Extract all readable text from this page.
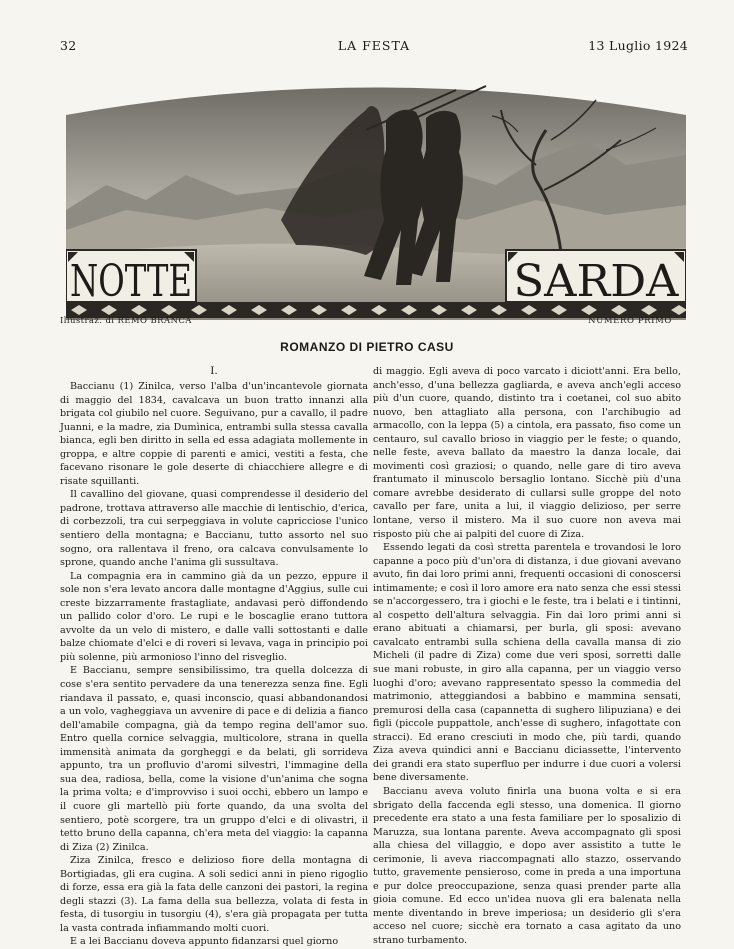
32	LA FESTA	13 Luglio 1924
NOTTE	SARDA
Illustraz. di REMO BRANCA	NUMERO PRIMO
ROMANZO DI PIETRO CASU
I.

Baccianu (1) Zinilca, verso l'alba d'un'incantevole giornata di maggio del 1834, cavalcava un buon tratto innanzi alla brigata col giubilo nel cuore. Seguivano, pur a cavallo, il padre Juanni, e la madre, zia Dumìnica, entrambi sulla stessa cavalla bianca, egli ben diritto in sella ed essa adagiata mollemente in groppa, e altre coppie di parenti e amici, vestiti a festa, che facevano risonare le gole deserte di chiacchiere allegre e di risate squillanti.

Il cavallino del giovane, quasi comprendesse il desiderio del padrone, trottava attraverso alle macchie di lentischio, d'erica, di corbezzoli, tra cui serpeggiava in volute capricciose l'unico sentiero della montagna; e Baccianu, tutto assorto nel suo sogno, ora rallentava il freno, ora calcava convulsamente lo sprone, quando anche l'anima gli sussultava.

La compagnia era in cammino già da un pezzo, eppure il sole non s'era levato ancora dalle montagne d'Aggius, sulle cui creste bizzarramente frastagliate, andavasi però diffondendo un pallido color d'oro. Le rupi e le boscaglie erano tuttora avvolte da un velo di mistero, e dalle valli sottostanti e dalle balze chiomate d'elci e di roveri si levava, vaga in principio poi più solenne, più armonioso l'inno del risveglio.

E Baccianu, sempre sensibilissimo, tra quella dolcezza di cose s'era sentito pervadere da una tenerezza senza fine. Egli riandava il passato, e, quasi inconscio, quasi abbandonandosi a un volo, vagheggiava un avvenire di pace e di delizia a fianco dell'amabile compagna, già da tempo regina dell'amor suo. Entro quella cornice selvaggia, multicolore, strana in quella immensità animata da gorgheggi e da belati, gli sorrideva appunto, tra un profluvio d'aromi silvestri, l'immagine della sua dea, radiosa, bella, come la visione d'un'anima che sogna la prima volta; e d'improvviso i suoi occhi, ebbero un lampo e il cuore gli martellò più forte quando, da una svolta del sentiero, potè scorgere, tra un gruppo d'elci e di olivastri, il tetto bruno della capanna, ch'era meta del viaggio: la capanna di Ziza (2) Zinilca.

Ziza Zinilca, fresco e delizioso fiore della montagna di Bortigiadas, gli era cugina. A soli sedici anni in pieno rigoglio di forze, essa era già la fata delle canzoni dei pastori, la regina degli stazzi (3). La fama della sua bellezza, volata di festa in festa, di tusorgiu in tusorgiu (4), s'era già propagata per tutta la vasta contrada infiammando molti cuori.

E a lei Baccianu doveva appunto fidanzarsi quel giorno

di maggio. Egli aveva di poco varcato i diciott'anni. Era bello, anch'esso, d'una bellezza gagliarda, e aveva anch'egli acceso più d'un cuore, quando, distinto tra i coetanei, col suo abito nuovo, ben attagliato alla persona, con l'archibugio ad armacollo, con la leppa (5) a cintola, era passato, fiso come un centauro, sul cavallo brioso in viaggio per le feste; o quando, nelle feste, aveva ballato da maestro la danza locale, dai movimenti così graziosi; o quando, nelle gare di tiro aveva frantumato il minuscolo bersaglio lontano. Sicchè più d'una comare avrebbe desiderato di cullarsi sulle groppe del noto cavallo per fare, unita a lui, il viaggio delizioso, per serre lontane, verso il mistero. Ma il suo cuore non aveva mai risposto più che ai palpiti del cuore di Ziza.

Essendo legati da così stretta parentela e trovandosi le loro capanne a poco più d'un'ora di distanza, i due giovani avevano avuto, fin dai loro primi anni, frequenti occasioni di conoscersi intimamente; e così il loro amore era nato senza che essi stessi se n'accorgessero, tra i giochi e le feste, tra i belati e i tintinni, al cospetto dell'altura selvaggia. Fin dai loro primi anni si erano abituati a chiamarsi, per burla, gli sposi: avevano cavalcato entrambi sulla schiena della cavalla mansa di zio Micheli (il padre di Ziza) come due veri sposi, sorretti dalle sue mani robuste, in giro alla capanna, per un viaggio verso luoghi d'oro; avevano rappresentato spesso la commedia del matrimonio, atteggiandosi a babbino e mammina sensati, premurosi della casa (capannetta di sughero lilipuziana) e dei figli (piccole puppattole, anch'esse di sughero, infagottate con stracci). Ed erano cresciuti in modo che, più tardi, quando Ziza aveva quindici anni e Baccianu diciassette, l'intervento dei grandi era stato superfluo per indurre i due cuori a volersi bene diversamente.

Baccianu aveva voluto finirla una buona volta e si era sbrigato della faccenda egli stesso, una domenica. Il giorno precedente era stato a una festa familiare per lo sposalizio di Maruzza, sua lontana parente. Aveva accompagnato gli sposi alla chiesa del villaggio, e dopo aver assistito a tutte le cerimonie, li aveva riaccompagnati allo stazzo, osservando tutto, gravemente pensieroso, come in preda a una importuna e pur dolce preoccupazione, senza quasi prender parte alla gioia comune. Ed ecco un'idea nuova gli era balenata nella mente diventando in breve imperiosa; un desiderio gli s'era acceso nel cuore; sicchè era tornato a casa agitato da uno strano turbamento.
